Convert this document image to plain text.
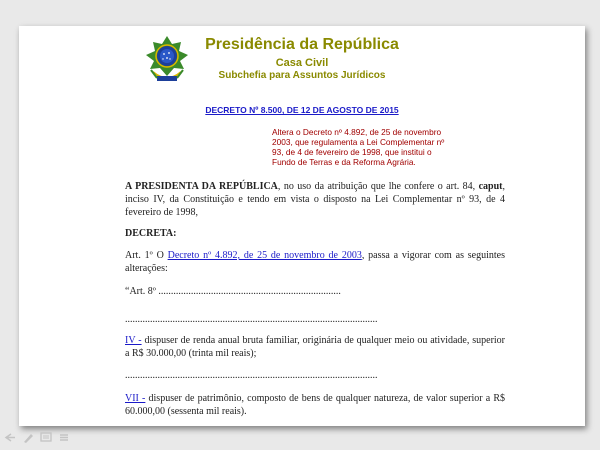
Presidência da República
Casa Civil
Subchefia para Assuntos Jurídicos
DECRETO Nº 8.500, DE 12 DE AGOSTO DE 2015
Altera o Decreto nº 4.892, de 25 de novembro 2003, que regulamenta a Lei Complementar nº 93, de 4 de fevereiro de 1998, que institui o Fundo de Terras e da Reforma Agrária.
A PRESIDENTA DA REPÚBLICA, no uso da atribuição que lhe confere o art. 84, caput, inciso IV, da Constituição e tendo em vista o disposto na Lei Complementar nº 93, de 4 fevereiro de 1998,
DECRETA:
Art. 1º O Decreto nº 4.892, de 25 de novembro de 2003, passa a vigorar com as seguintes alterações:
“Art. 8º .........................................................................
.....................................................................................................
IV - dispuser de renda anual bruta familiar, originária de qualquer meio ou atividade, superior a R$ 30.000,00 (trinta mil reais);
.....................................................................................................
VII - dispuser de patrimônio, composto de bens de qualquer natureza, de valor superior a R$ 60.000,00 (sessenta mil reais).
